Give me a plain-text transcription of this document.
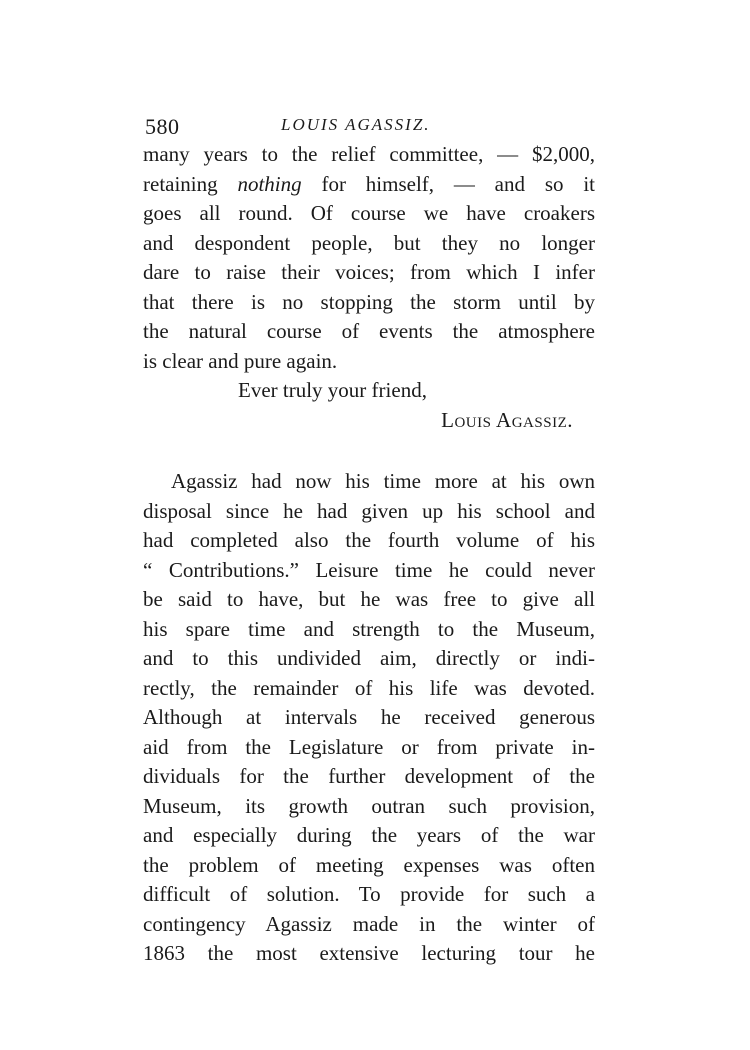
580	LOUIS AGASSIZ.
many years to the relief committee, — $2,000,
retaining nothing for himself, — and so it
goes all round. Of course we have croakers
and despondent people, but they no longer
dare to raise their voices; from which I infer
that there is no stopping the storm until by
the natural course of events the atmosphere
is clear and pure again.
Ever truly your friend,
Louis Agassiz.
Agassiz had now his time more at his own
disposal since he had given up his school and
had completed also the fourth volume of his
“ Contributions.” Leisure time he could never
be said to have, but he was free to give all
his spare time and strength to the Museum,
and to this undivided aim, directly or indi-
rectly, the remainder of his life was devoted.
Although at intervals he received generous
aid from the Legislature or from private in-
dividuals for the further development of the
Museum, its growth outran such provision,
and especially during the years of the war
the problem of meeting expenses was often
difficult of solution. To provide for such a
contingency Agassiz made in the winter of
1863 the most extensive lecturing tour he
